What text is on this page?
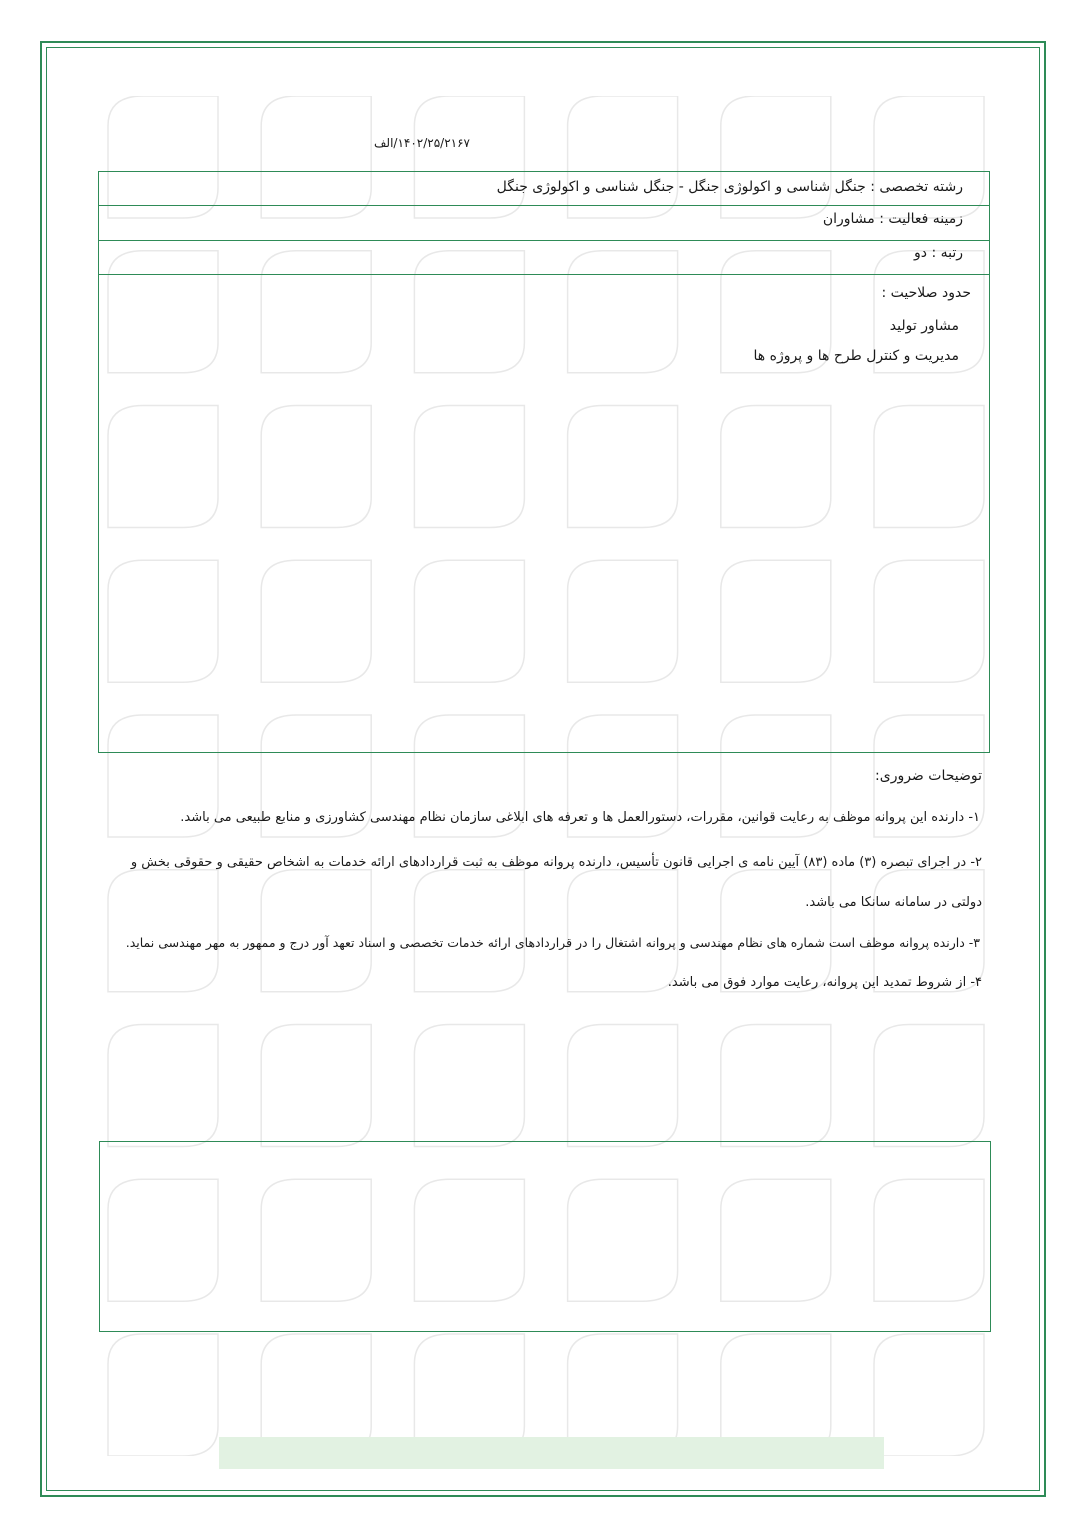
۱۴۰۲/۲۵/۲۱۶۷/الف
رشته تخصصی : جنگل شناسی و اکولوژی جنگل - جنگل شناسی و اکولوژی جنگل
زمینه فعالیت : مشاوران
رتبه : دو
حدود صلاحیت :
مشاور تولید
مدیریت و کنترل طرح ها و پروژه ها
توضیحات ضروری:
۱- دارنده این پروانه موظف به رعایت قوانین، مقررات، دستورالعمل ها و تعرفه های ابلاغی سازمان نظام مهندسی کشاورزی و منابع طبیعی می باشد.
۲- در اجرای تبصره (۳) ماده (۸۳) آیین نامه ی اجرایی قانون تأسیس، دارنده پروانه موظف به ثبت قراردادهای ارائه خدمات به اشخاص حقیقی و حقوقی بخش و
دولتی در سامانه سانکا می باشد.
۳- دارنده پروانه موظف است شماره های نظام مهندسی و پروانه اشتغال را در قراردادهای ارائه خدمات تخصصی و اسناد تعهد آور درج و ممهور به مهر مهندسی نماید.
۴- از شروط تمدید این پروانه، رعایت موارد فوق می باشد.
